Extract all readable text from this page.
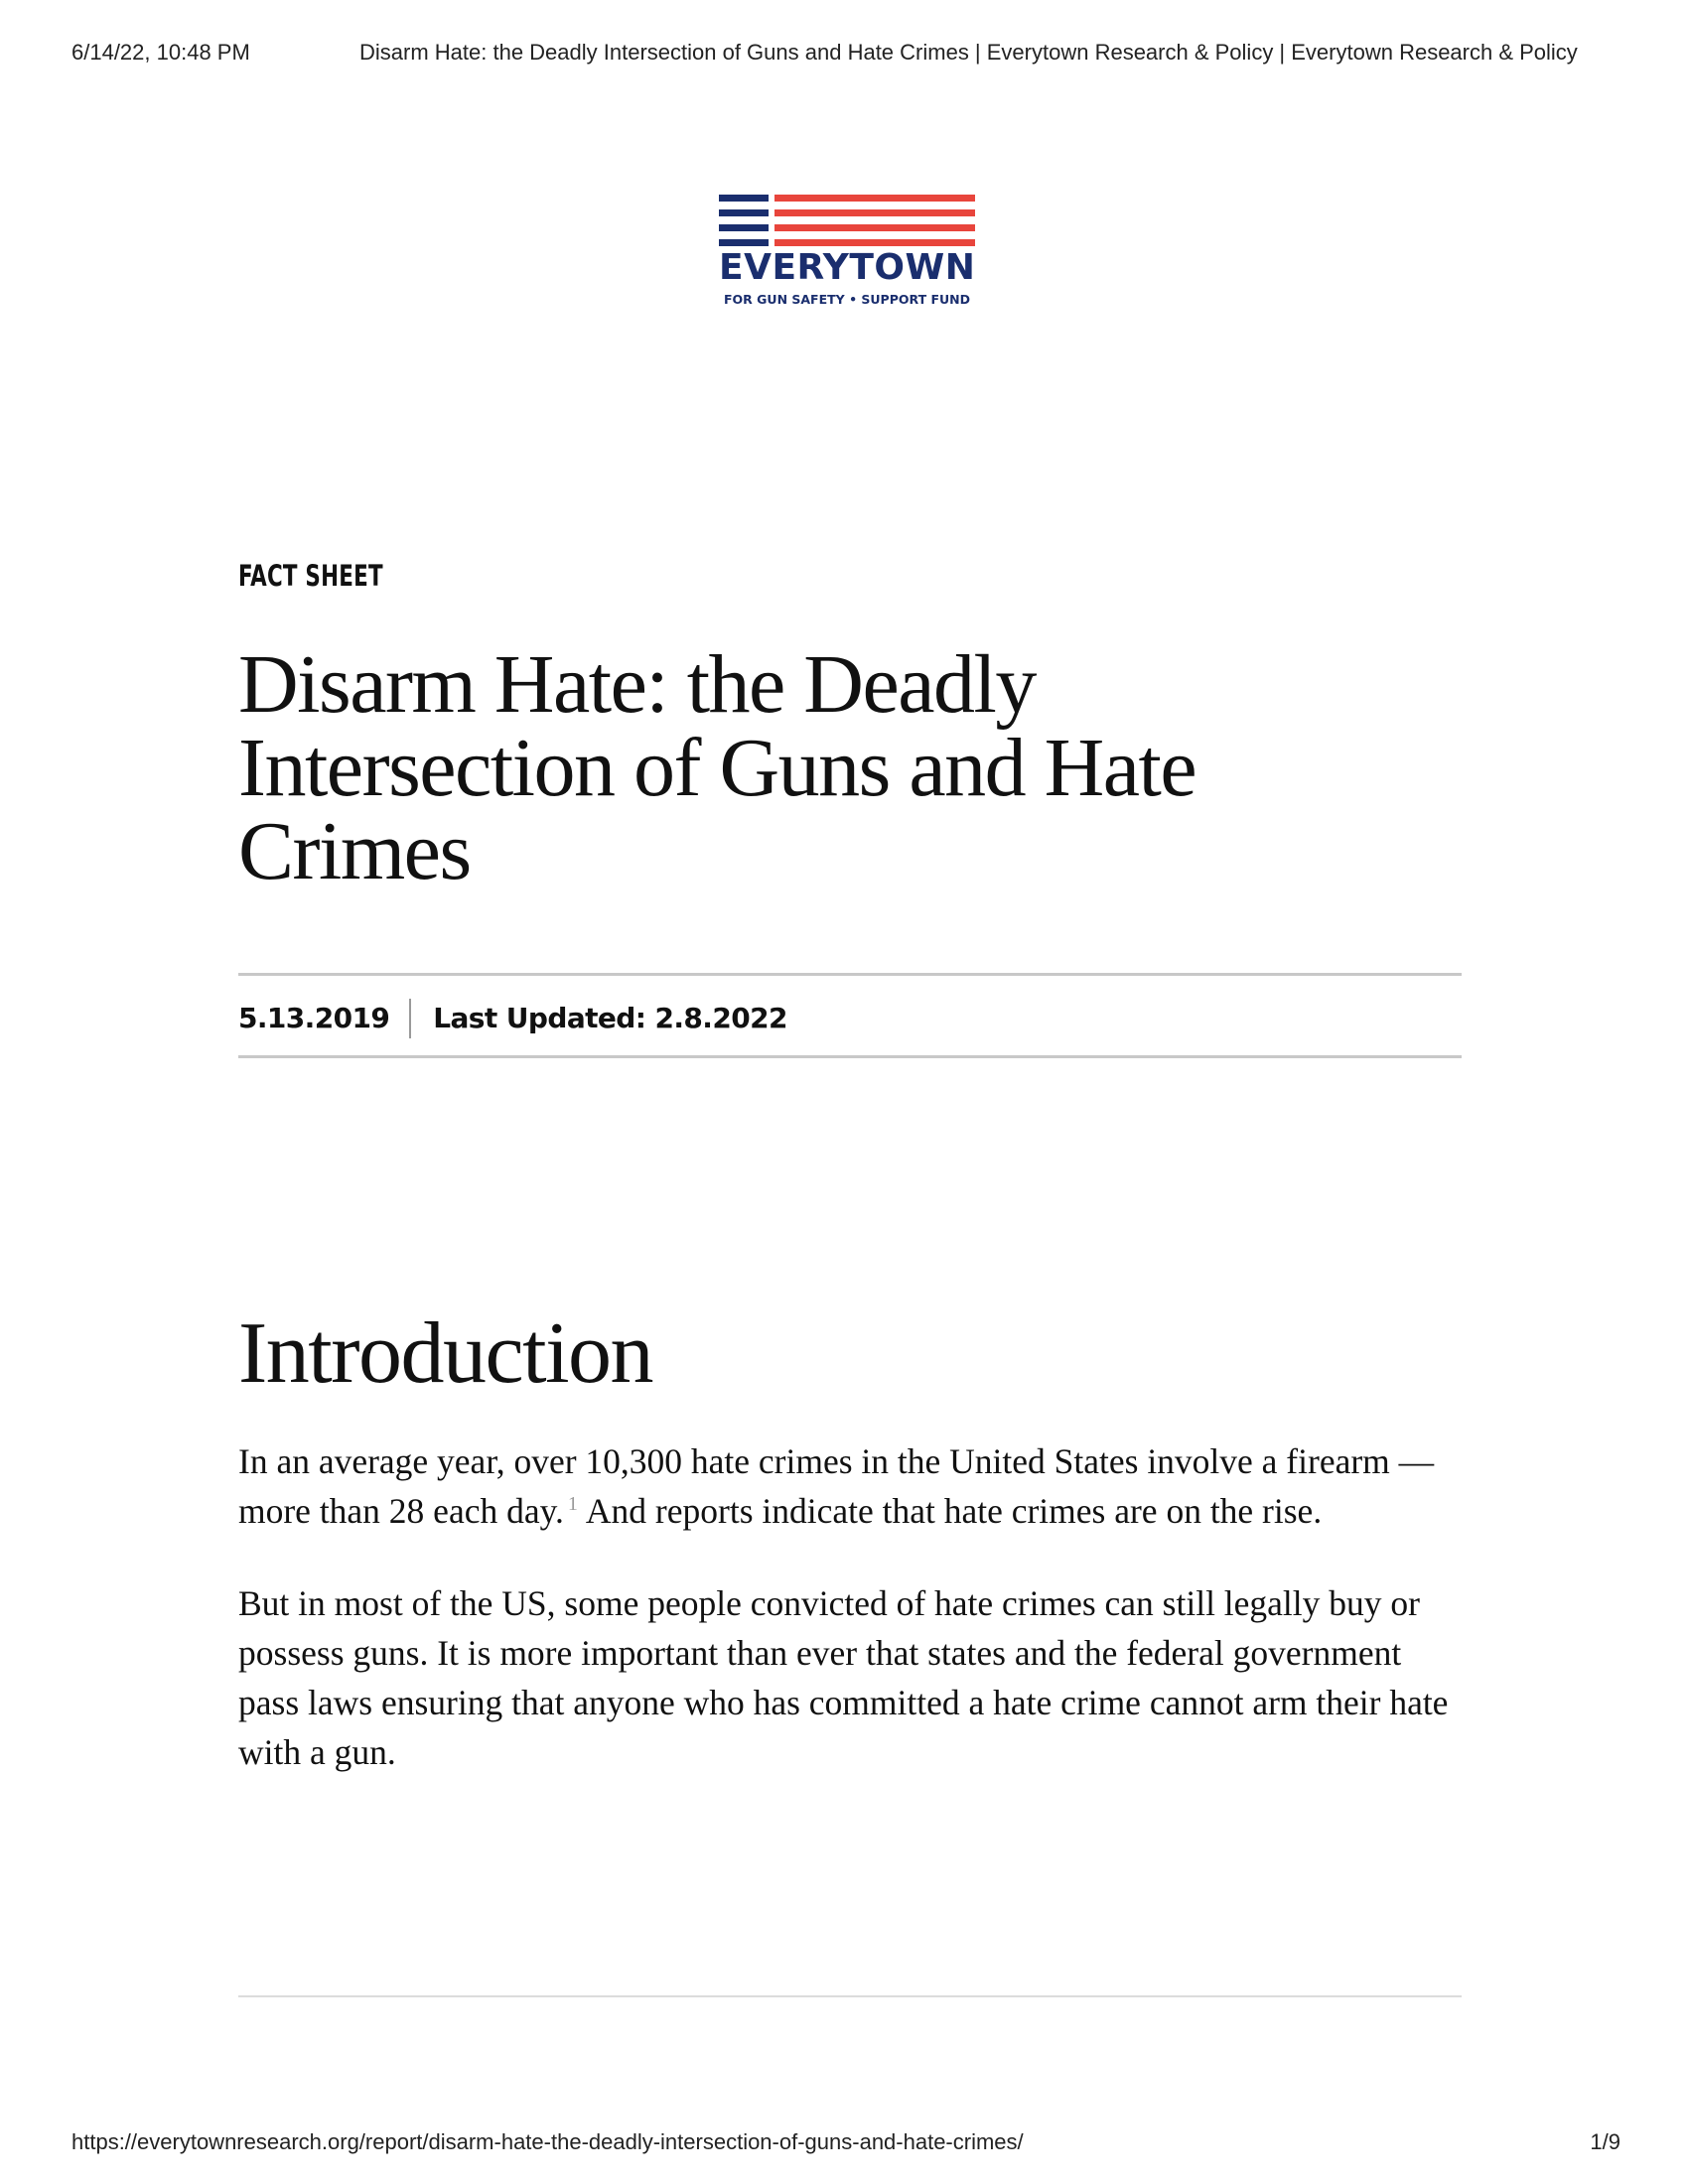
6/14/22, 10:48 PM	Disarm Hate: the Deadly Intersection of Guns and Hate Crimes | Everytown Research & Policy | Everytown Research & Policy
EVERYTOWN
FOR GUN SAFETY • SUPPORT FUND
FACT SHEET
Disarm Hate: the Deadly Intersection of Guns and Hate Crimes
5.13.2019 Last Updated: 2.8.2022
Introduction

In an average year, over 10,300 hate crimes in the United States involve a firearm —more than 28 each day. $^1$ And reports indicate that hate crimes are on the rise.

But in most of the US, some people convicted of hate crimes can still legally buy or possess guns. It is more important than ever that states and the federal government pass laws ensuring that anyone who has committed a hate crime cannot arm their hate with a gun.

https://everytownresearch.org/report/disarm-hate-the-deadly-intersection-of-guns-and-hate-crimes/	1/9
